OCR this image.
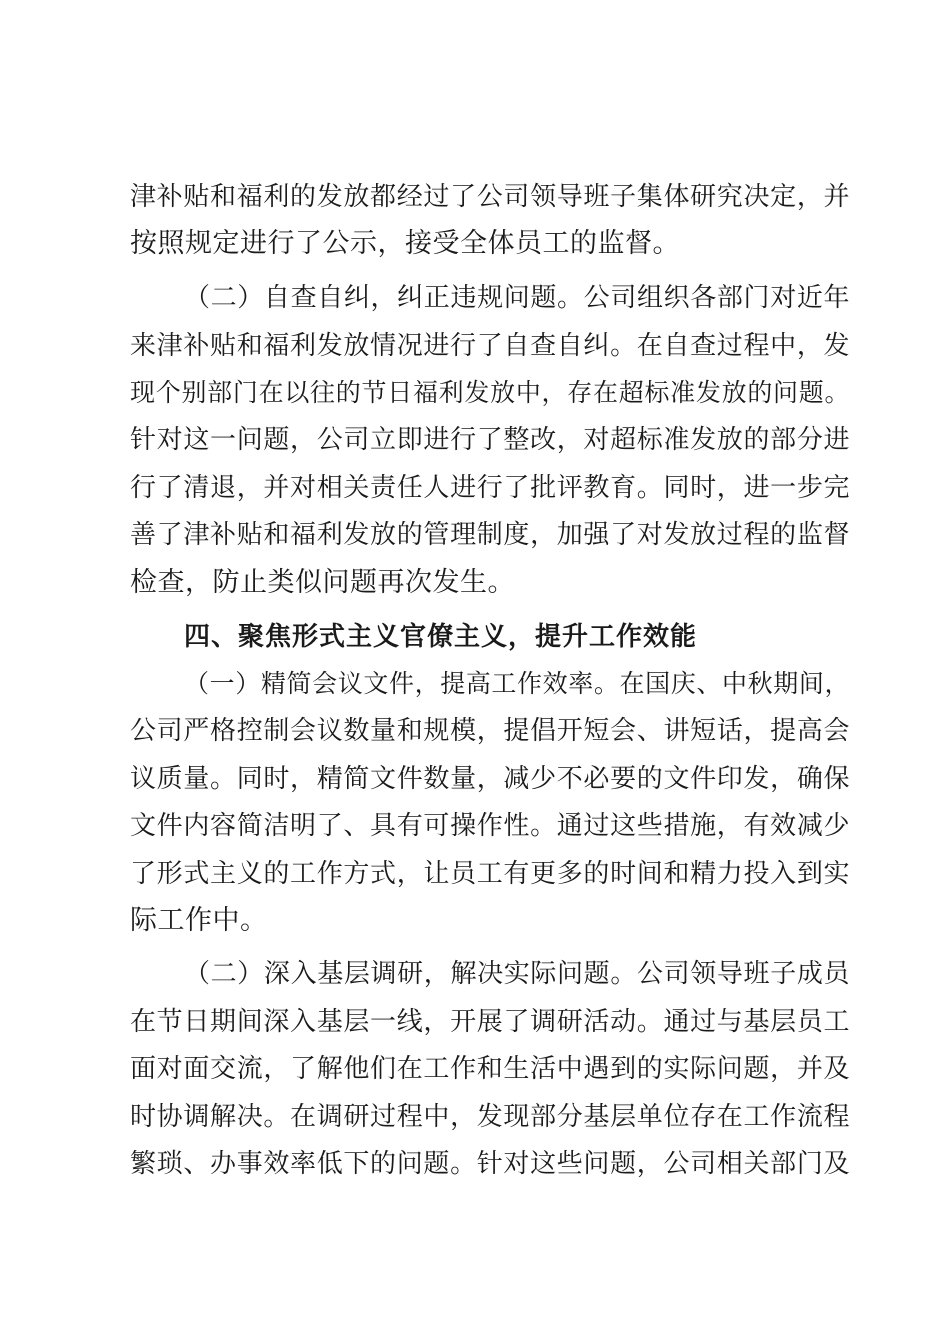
津补贴和福利的发放都经过了公司领导班子集体研究决定，并
按照规定进行了公示，接受全体员工的监督。
（二）自查自纠，纠正违规问题。公司组织各部门对近年
来津补贴和福利发放情况进行了自查自纠。在自查过程中，发
现个别部门在以往的节日福利发放中，存在超标准发放的问题。
针对这一问题，公司立即进行了整改，对超标准发放的部分进
行了清退，并对相关责任人进行了批评教育。同时，进一步完
善了津补贴和福利发放的管理制度，加强了对发放过程的监督
检查，防止类似问题再次发生。
四、聚焦形式主义官僚主义，提升工作效能
（一）精简会议文件，提高工作效率。在国庆、中秋期间，
公司严格控制会议数量和规模，提倡开短会、讲短话，提高会
议质量。同时，精简文件数量，减少不必要的文件印发，确保
文件内容简洁明了、具有可操作性。通过这些措施，有效减少
了形式主义的工作方式，让员工有更多的时间和精力投入到实
际工作中。
（二）深入基层调研，解决实际问题。公司领导班子成员
在节日期间深入基层一线，开展了调研活动。通过与基层员工
面对面交流，了解他们在工作和生活中遇到的实际问题，并及
时协调解决。在调研过程中，发现部分基层单位存在工作流程
繁琐、办事效率低下的问题。针对这些问题，公司相关部门及
